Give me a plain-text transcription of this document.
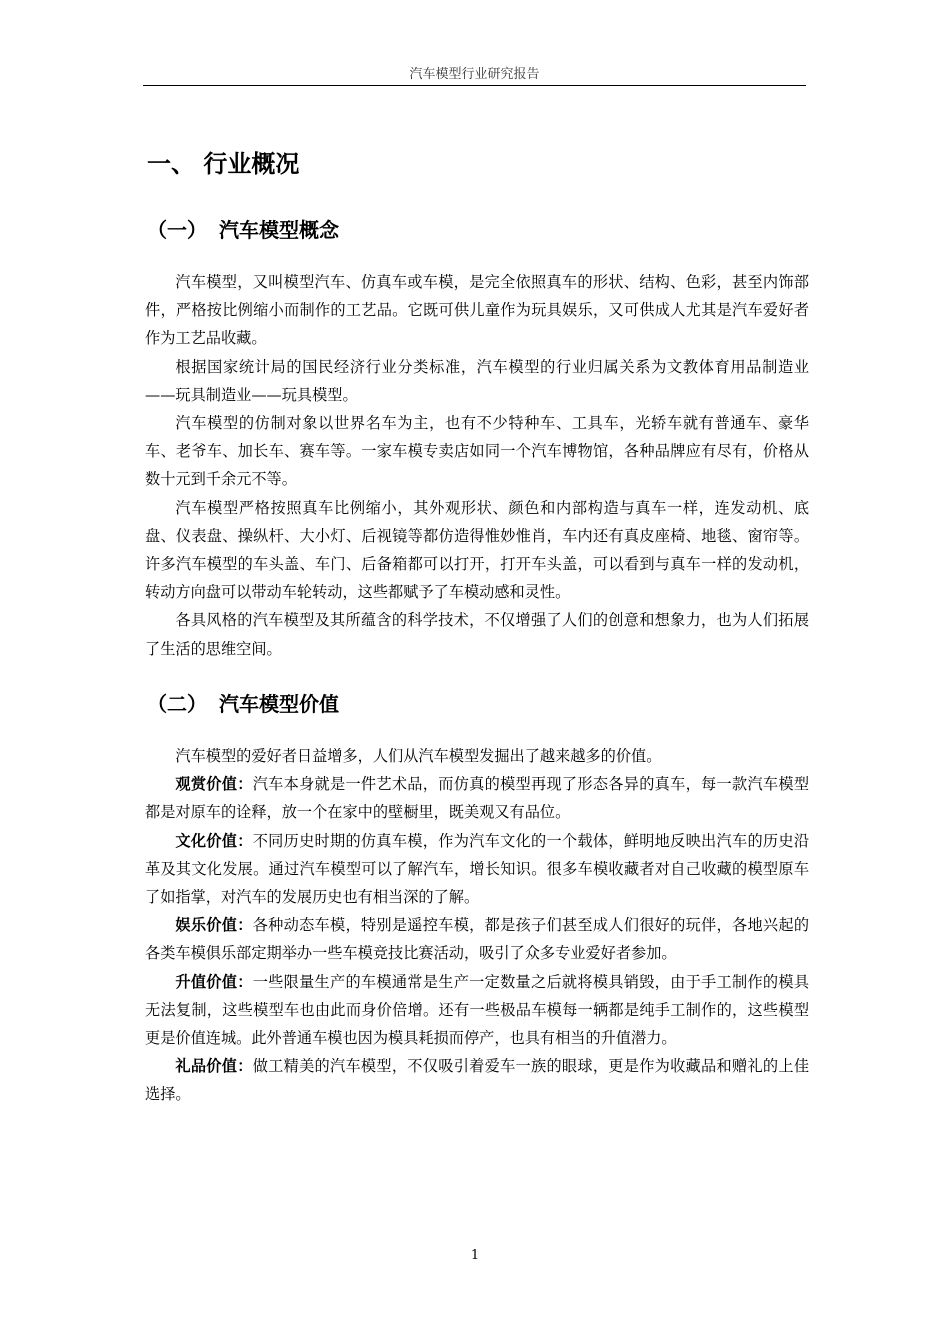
汽车模型行业研究报告
一、 行业概况
（一） 汽车模型概念

汽车模型，又叫模型汽车、仿真车或车模，是完全依照真车的形状、结构、色彩，甚至内饰部件，严格按比例缩小而制作的工艺品。它既可供儿童作为玩具娱乐，又可供成人尤其是汽车爱好者作为工艺品收藏。

根据国家统计局的国民经济行业分类标准，汽车模型的行业归属关系为文教体育用品制造业——玩具制造业——玩具模型。

汽车模型的仿制对象以世界名车为主，也有不少特种车、工具车，光轿车就有普通车、豪华车、老爷车、加长车、赛车等。一家车模专卖店如同一个汽车博物馆，各种品牌应有尽有，价格从数十元到千余元不等。

汽车模型严格按照真车比例缩小，其外观形状、颜色和内部构造与真车一样，连发动机、底盘、仪表盘、操纵杆、大小灯、后视镜等都仿造得惟妙惟肖，车内还有真皮座椅、地毯、窗帘等。许多汽车模型的车头盖、车门、后备箱都可以打开，打开车头盖，可以看到与真车一样的发动机，转动方向盘可以带动车轮转动，这些都赋予了车模动感和灵性。

各具风格的汽车模型及其所蕴含的科学技术，不仅增强了人们的创意和想象力，也为人们拓展了生活的思维空间。

（二） 汽车模型价值

汽车模型的爱好者日益增多，人们从汽车模型发掘出了越来越多的价值。

观赏价值：汽车本身就是一件艺术品，而仿真的模型再现了形态各异的真车，每一款汽车模型都是对原车的诠释，放一个在家中的壁橱里，既美观又有品位。

文化价值：不同历史时期的仿真车模，作为汽车文化的一个载体，鲜明地反映出汽车的历史沿革及其文化发展。通过汽车模型可以了解汽车，增长知识。很多车模收藏者对自己收藏的模型原车了如指掌，对汽车的发展历史也有相当深的了解。

娱乐价值：各种动态车模，特别是遥控车模，都是孩子们甚至成人们很好的玩伴，各地兴起的各类车模俱乐部定期举办一些车模竞技比赛活动，吸引了众多专业爱好者参加。

升值价值：一些限量生产的车模通常是生产一定数量之后就将模具销毁，由于手工制作的模具无法复制，这些模型车也由此而身价倍增。还有一些极品车模每一辆都是纯手工制作的，这些模型更是价值连城。此外普通车模也因为模具耗损而停产，也具有相当的升值潜力。

礼品价值：做工精美的汽车模型，不仅吸引着爱车一族的眼球，更是作为收藏品和赠礼的上佳选择。

1
